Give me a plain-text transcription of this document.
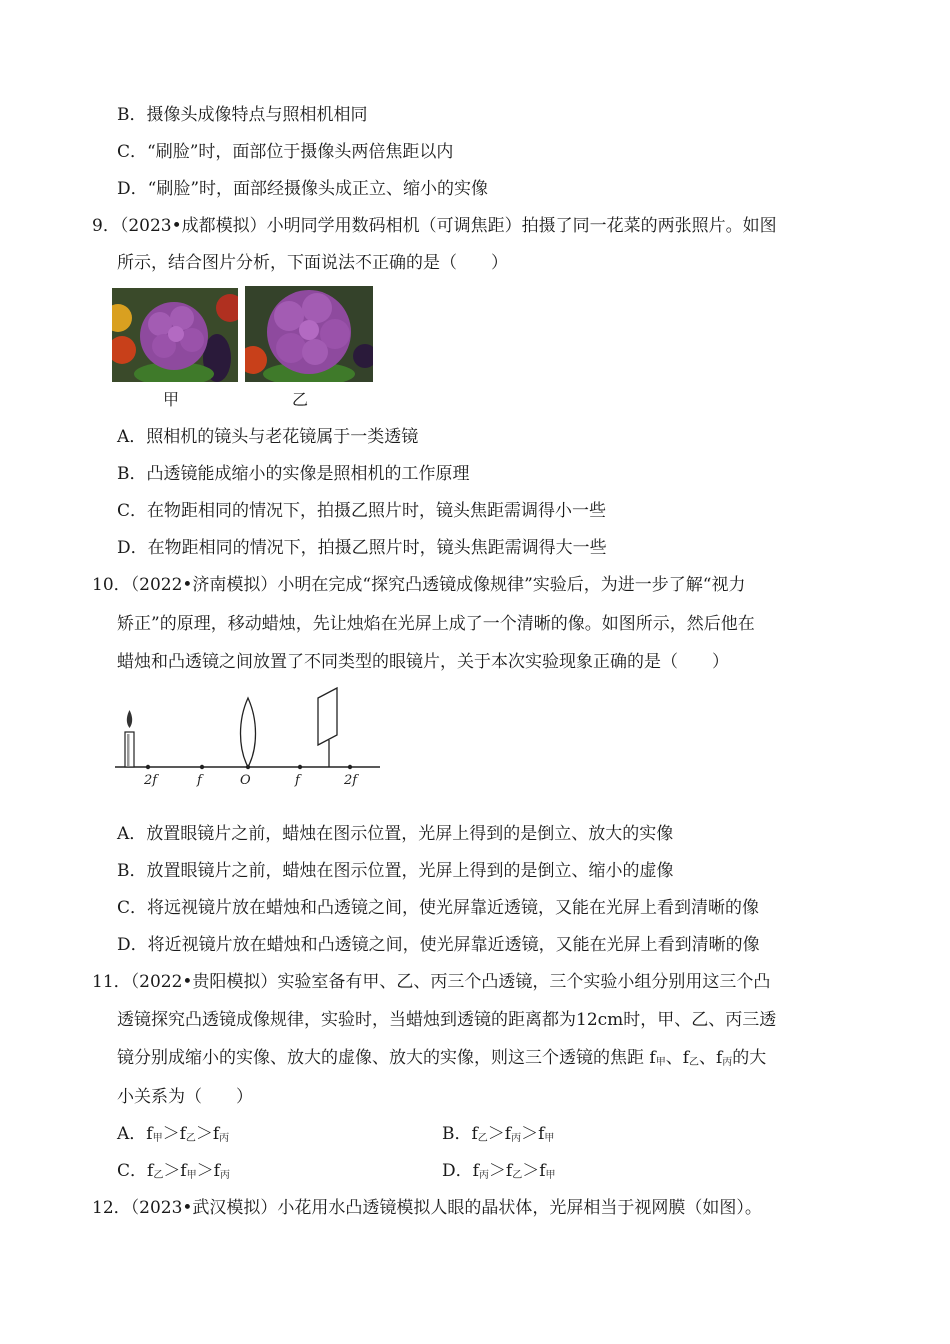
B．摄像头成像特点与照相机相同
C．“刷脸”时，面部位于摄像头两倍焦距以内
D．“刷脸”时，面部经摄像头成正立、缩小的实像
9．（2023•成都模拟）小明同学用数码相机（可调焦距）拍摄了同一花菜的两张照片。如图
所示，结合图片分析，下面说法不正确的是（　　）
甲	乙
A．照相机的镜头与老花镜属于一类透镜
B．凸透镜能成缩小的实像是照相机的工作原理
C．在物距相同的情况下，拍摄乙照片时，镜头焦距需调得小一些
D．在物距相同的情况下，拍摄乙照片时，镜头焦距需调得大一些
10．（2022•济南模拟）小明在完成“探究凸透镜成像规律”实验后，为进一步了解“视力
矫正”的原理，移动蜡烛，先让烛焰在光屏上成了一个清晰的像。如图所示，然后他在
蜡烛和凸透镜之间放置了不同类型的眼镜片，关于本次实验现象正确的是（　　）
2f	f	O	f	2f
A．放置眼镜片之前，蜡烛在图示位置，光屏上得到的是倒立、放大的实像
B．放置眼镜片之前，蜡烛在图示位置，光屏上得到的是倒立、缩小的虚像
C．将远视镜片放在蜡烛和凸透镜之间，使光屏靠近透镜，又能在光屏上看到清晰的像
D．将近视镜片放在蜡烛和凸透镜之间，使光屏靠近透镜，又能在光屏上看到清晰的像
11．（2022•贵阳模拟）实验室备有甲、乙、丙三个凸透镜，三个实验小组分别用这三个凸
透镜探究凸透镜成像规律，实验时，当蜡烛到透镜的距离都为12cm时，甲、乙、丙三透
镜分别成缩小的实像、放大的虚像、放大的实像，则这三个透镜的焦距 $f_甲$、$f_乙$、$f_丙$的大
小关系为（　　）
A．$f_甲>f_乙>f_丙$	B．$f_乙>f_丙>f_甲$
C．$f_乙>f_甲>f_丙$	D．$f_丙>f_乙>f_甲$
12．（2023•武汉模拟）小花用水凸透镜模拟人眼的晶状体，光屏相当于视网膜（如图）。
